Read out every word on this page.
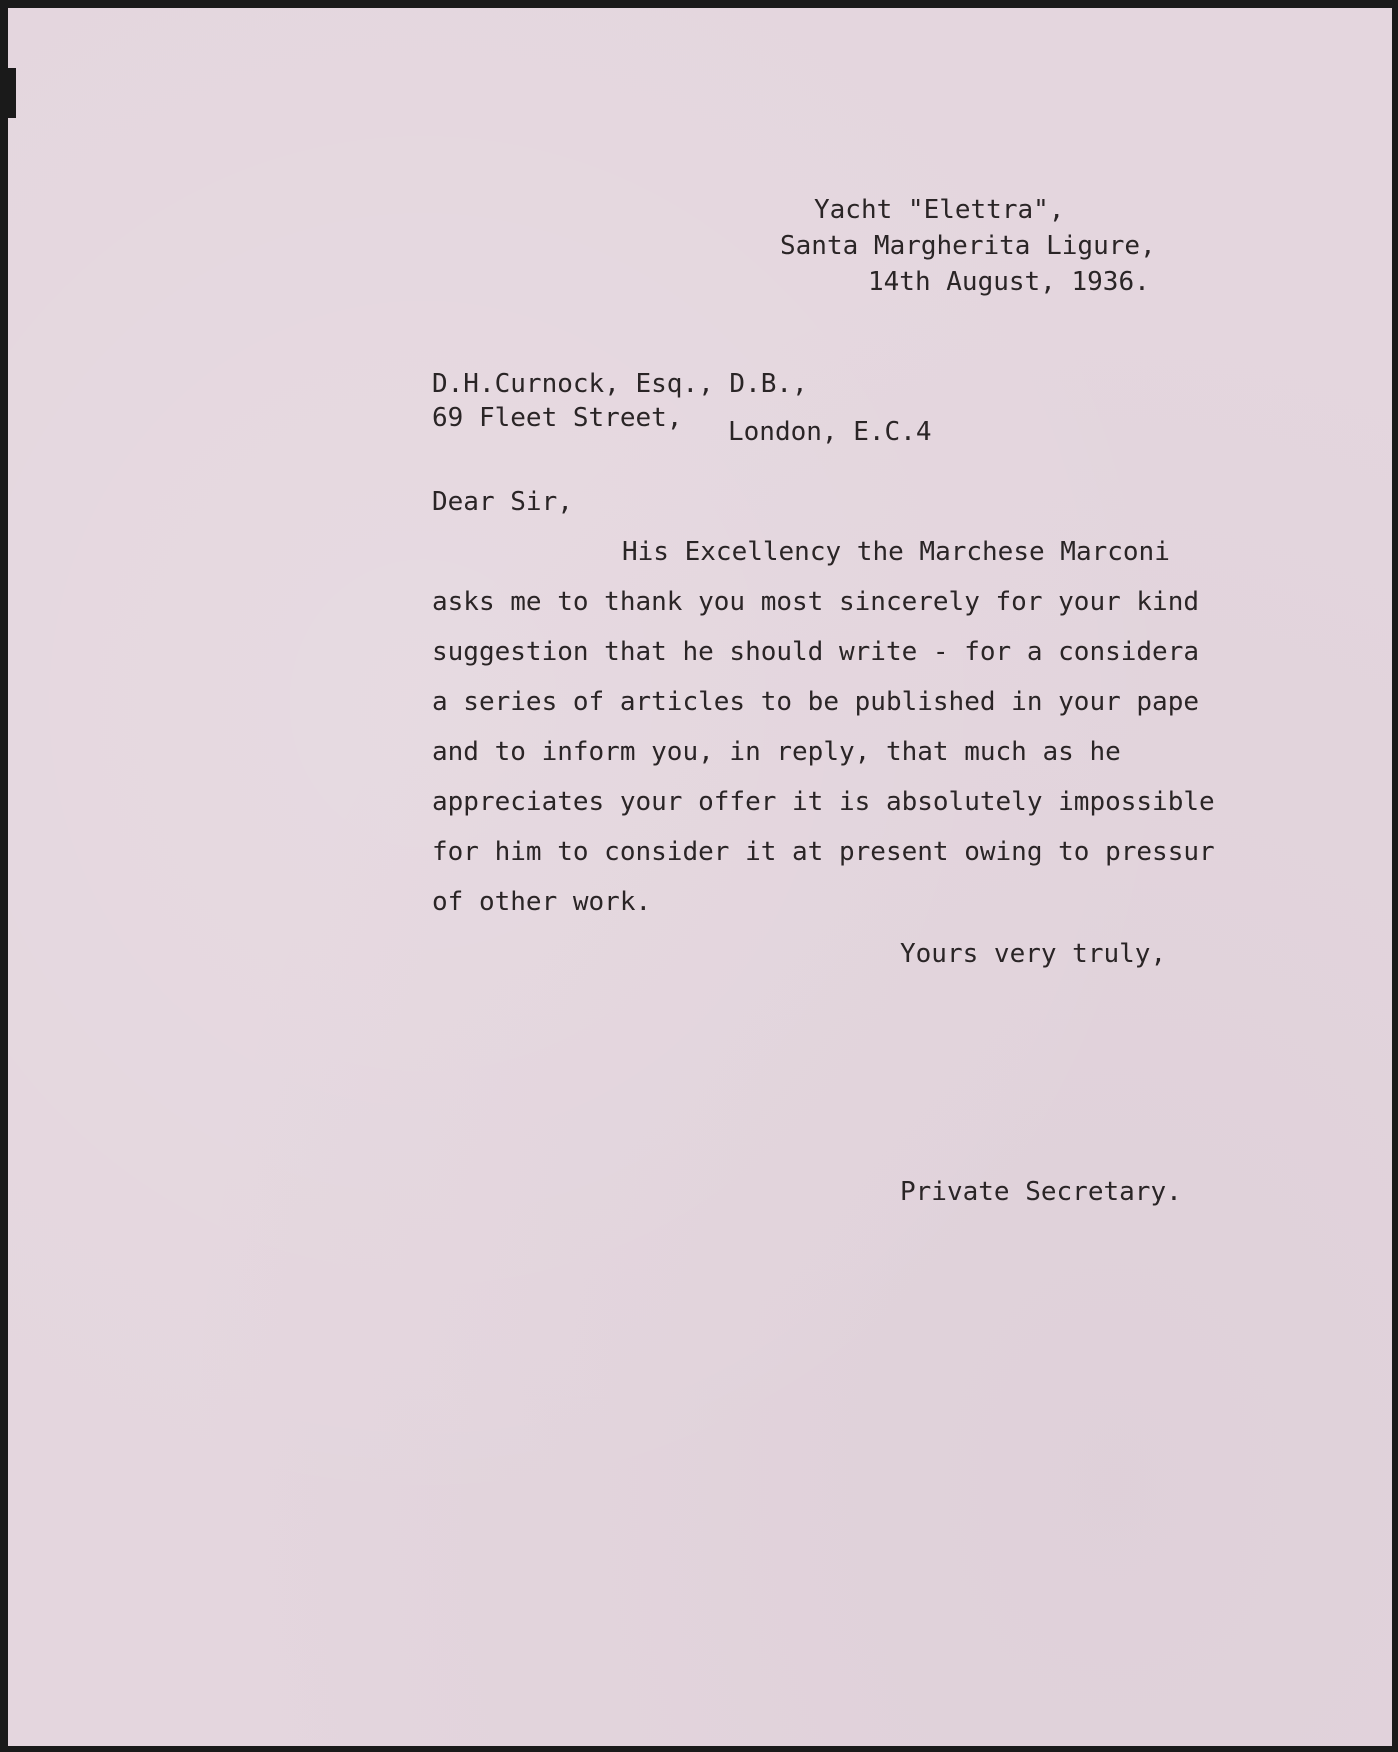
Yacht "Elettra",
Santa Margherita Ligure,
14th August, 1936.
D.H.Curnock, Esq., D.B.,
69 Fleet Street, London, E.C.4
Dear Sir,
His Excellency the Marchese Marconi
asks me to thank you most sincerely for your kind
suggestion that he should write - for a considera
a series of articles to be published in your pape
and to inform you, in reply, that much as he
appreciates your offer it is absolutely impossible
for him to consider it at present owing to pressur
of other work.
Yours very truly,
Private Secretary.
